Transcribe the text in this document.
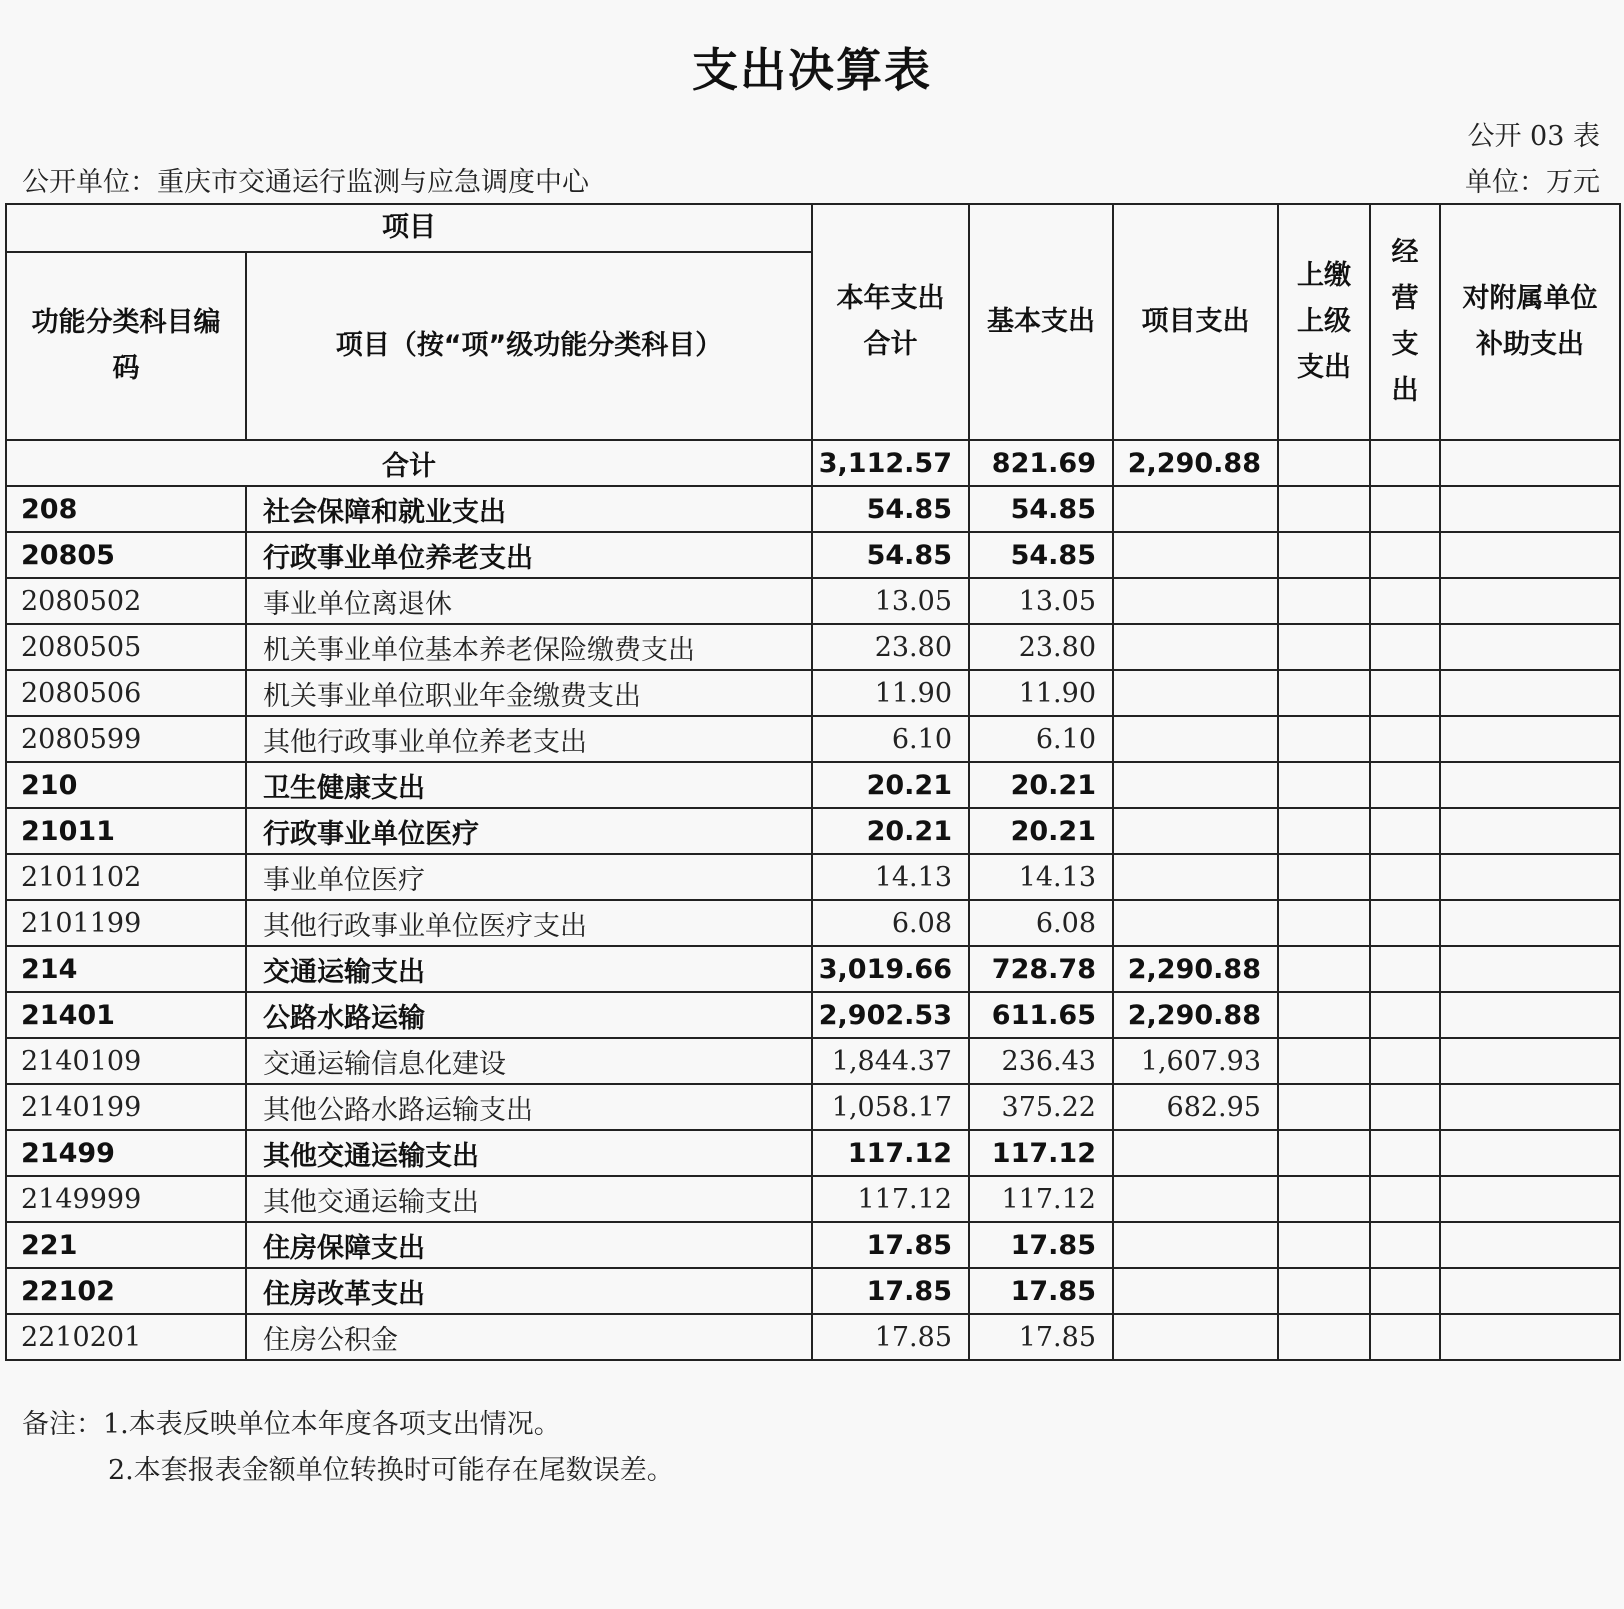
支出决算表
公开 03 表
公开单位：重庆市交通运行监测与应急调度中心	单位：万元
项目		本年支出合计	基本支出	项目支出	上缴上级支出	经营支出	对附属单位补助支出
功能分类科目编码	项目（按“项”级功能分类科目）						
合计		3,112.57	821.69	2,290.88			
208	社会保障和就业支出	54.85	54.85				
20805	行政事业单位养老支出	54.85	54.85				
2080502	事业单位离退休	13.05	13.05				
2080505	机关事业单位基本养老保险缴费支出	23.80	23.80				
2080506	机关事业单位职业年金缴费支出	11.90	11.90				
2080599	其他行政事业单位养老支出	6.10	6.10				
210	卫生健康支出	20.21	20.21				
21011	行政事业单位医疗	20.21	20.21				
2101102	事业单位医疗	14.13	14.13				
2101199	其他行政事业单位医疗支出	6.08	6.08				
214	交通运输支出	3,019.66	728.78	2,290.88			
21401	公路水路运输	2,902.53	611.65	2,290.88			
2140109	交通运输信息化建设	1,844.37	236.43	1,607.93			
2140199	其他公路水路运输支出	1,058.17	375.22	682.95			
21499	其他交通运输支出	117.12	117.12				
2149999	其他交通运输支出	117.12	117.12				
221	住房保障支出	17.85	17.85				
22102	住房改革支出	17.85	17.85				
2210201	住房公积金	17.85	17.85				
备注：1.本表反映单位本年度各项支出情况。
2.本套报表金额单位转换时可能存在尾数误差。
